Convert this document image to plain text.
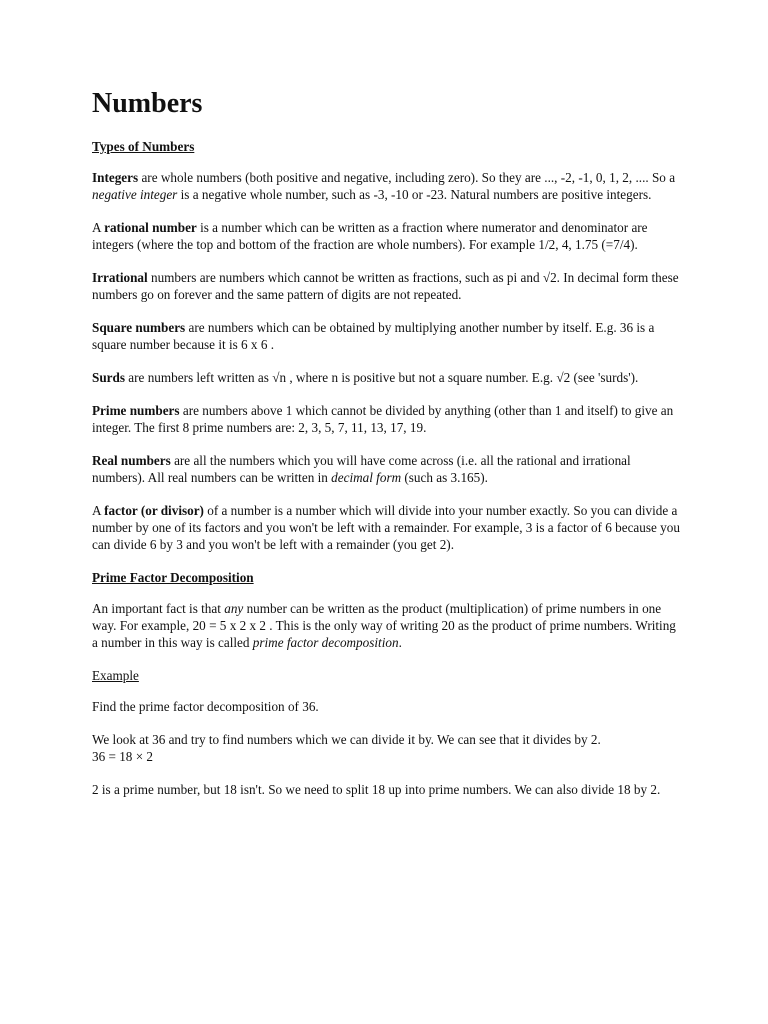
Numbers
Types of Numbers

Integers are whole numbers (both positive and negative, including zero). So they are ..., -2, -1, 0, 1, 2, .... So a negative integer is a negative whole number, such as -3, -10 or -23. Natural numbers are positive integers.

A rational number is a number which can be written as a fraction where numerator and denominator are integers (where the top and bottom of the fraction are whole numbers). For example 1/2, 4, 1.75 (=7/4).

Irrational numbers are numbers which cannot be written as fractions, such as pi and √2. In decimal form these numbers go on forever and the same pattern of digits are not repeated.

Square numbers are numbers which can be obtained by multiplying another number by itself. E.g. 36 is a square number because it is 6 x 6 .

Surds are numbers left written as √n , where n is positive but not a square number. E.g. √2 (see 'surds').

Prime numbers are numbers above 1 which cannot be divided by anything (other than 1 and itself) to give an integer. The first 8 prime numbers are: 2, 3, 5, 7, 11, 13, 17, 19.

Real numbers are all the numbers which you will have come across (i.e. all the rational and irrational numbers). All real numbers can be written in decimal form (such as 3.165).

A factor (or divisor) of a number is a number which will divide into your number exactly. So you can divide a number by one of its factors and you won't be left with a remainder. For example, 3 is a factor of 6 because you can divide 6 by 3 and you won't be left with a remainder (you get 2).

Prime Factor Decomposition

An important fact is that any number can be written as the product (multiplication) of prime numbers in one way. For example, 20 = 5 x 2 x 2 . This is the only way of writing 20 as the product of prime numbers. Writing a number in this way is called prime factor decomposition.

Example

Find the prime factor decomposition of 36.

We look at 36 and try to find numbers which we can divide it by. We can see that it divides by 2.

36 = 18 × 2

2 is a prime number, but 18 isn't. So we need to split 18 up into prime numbers. We can also divide 18 by 2.
